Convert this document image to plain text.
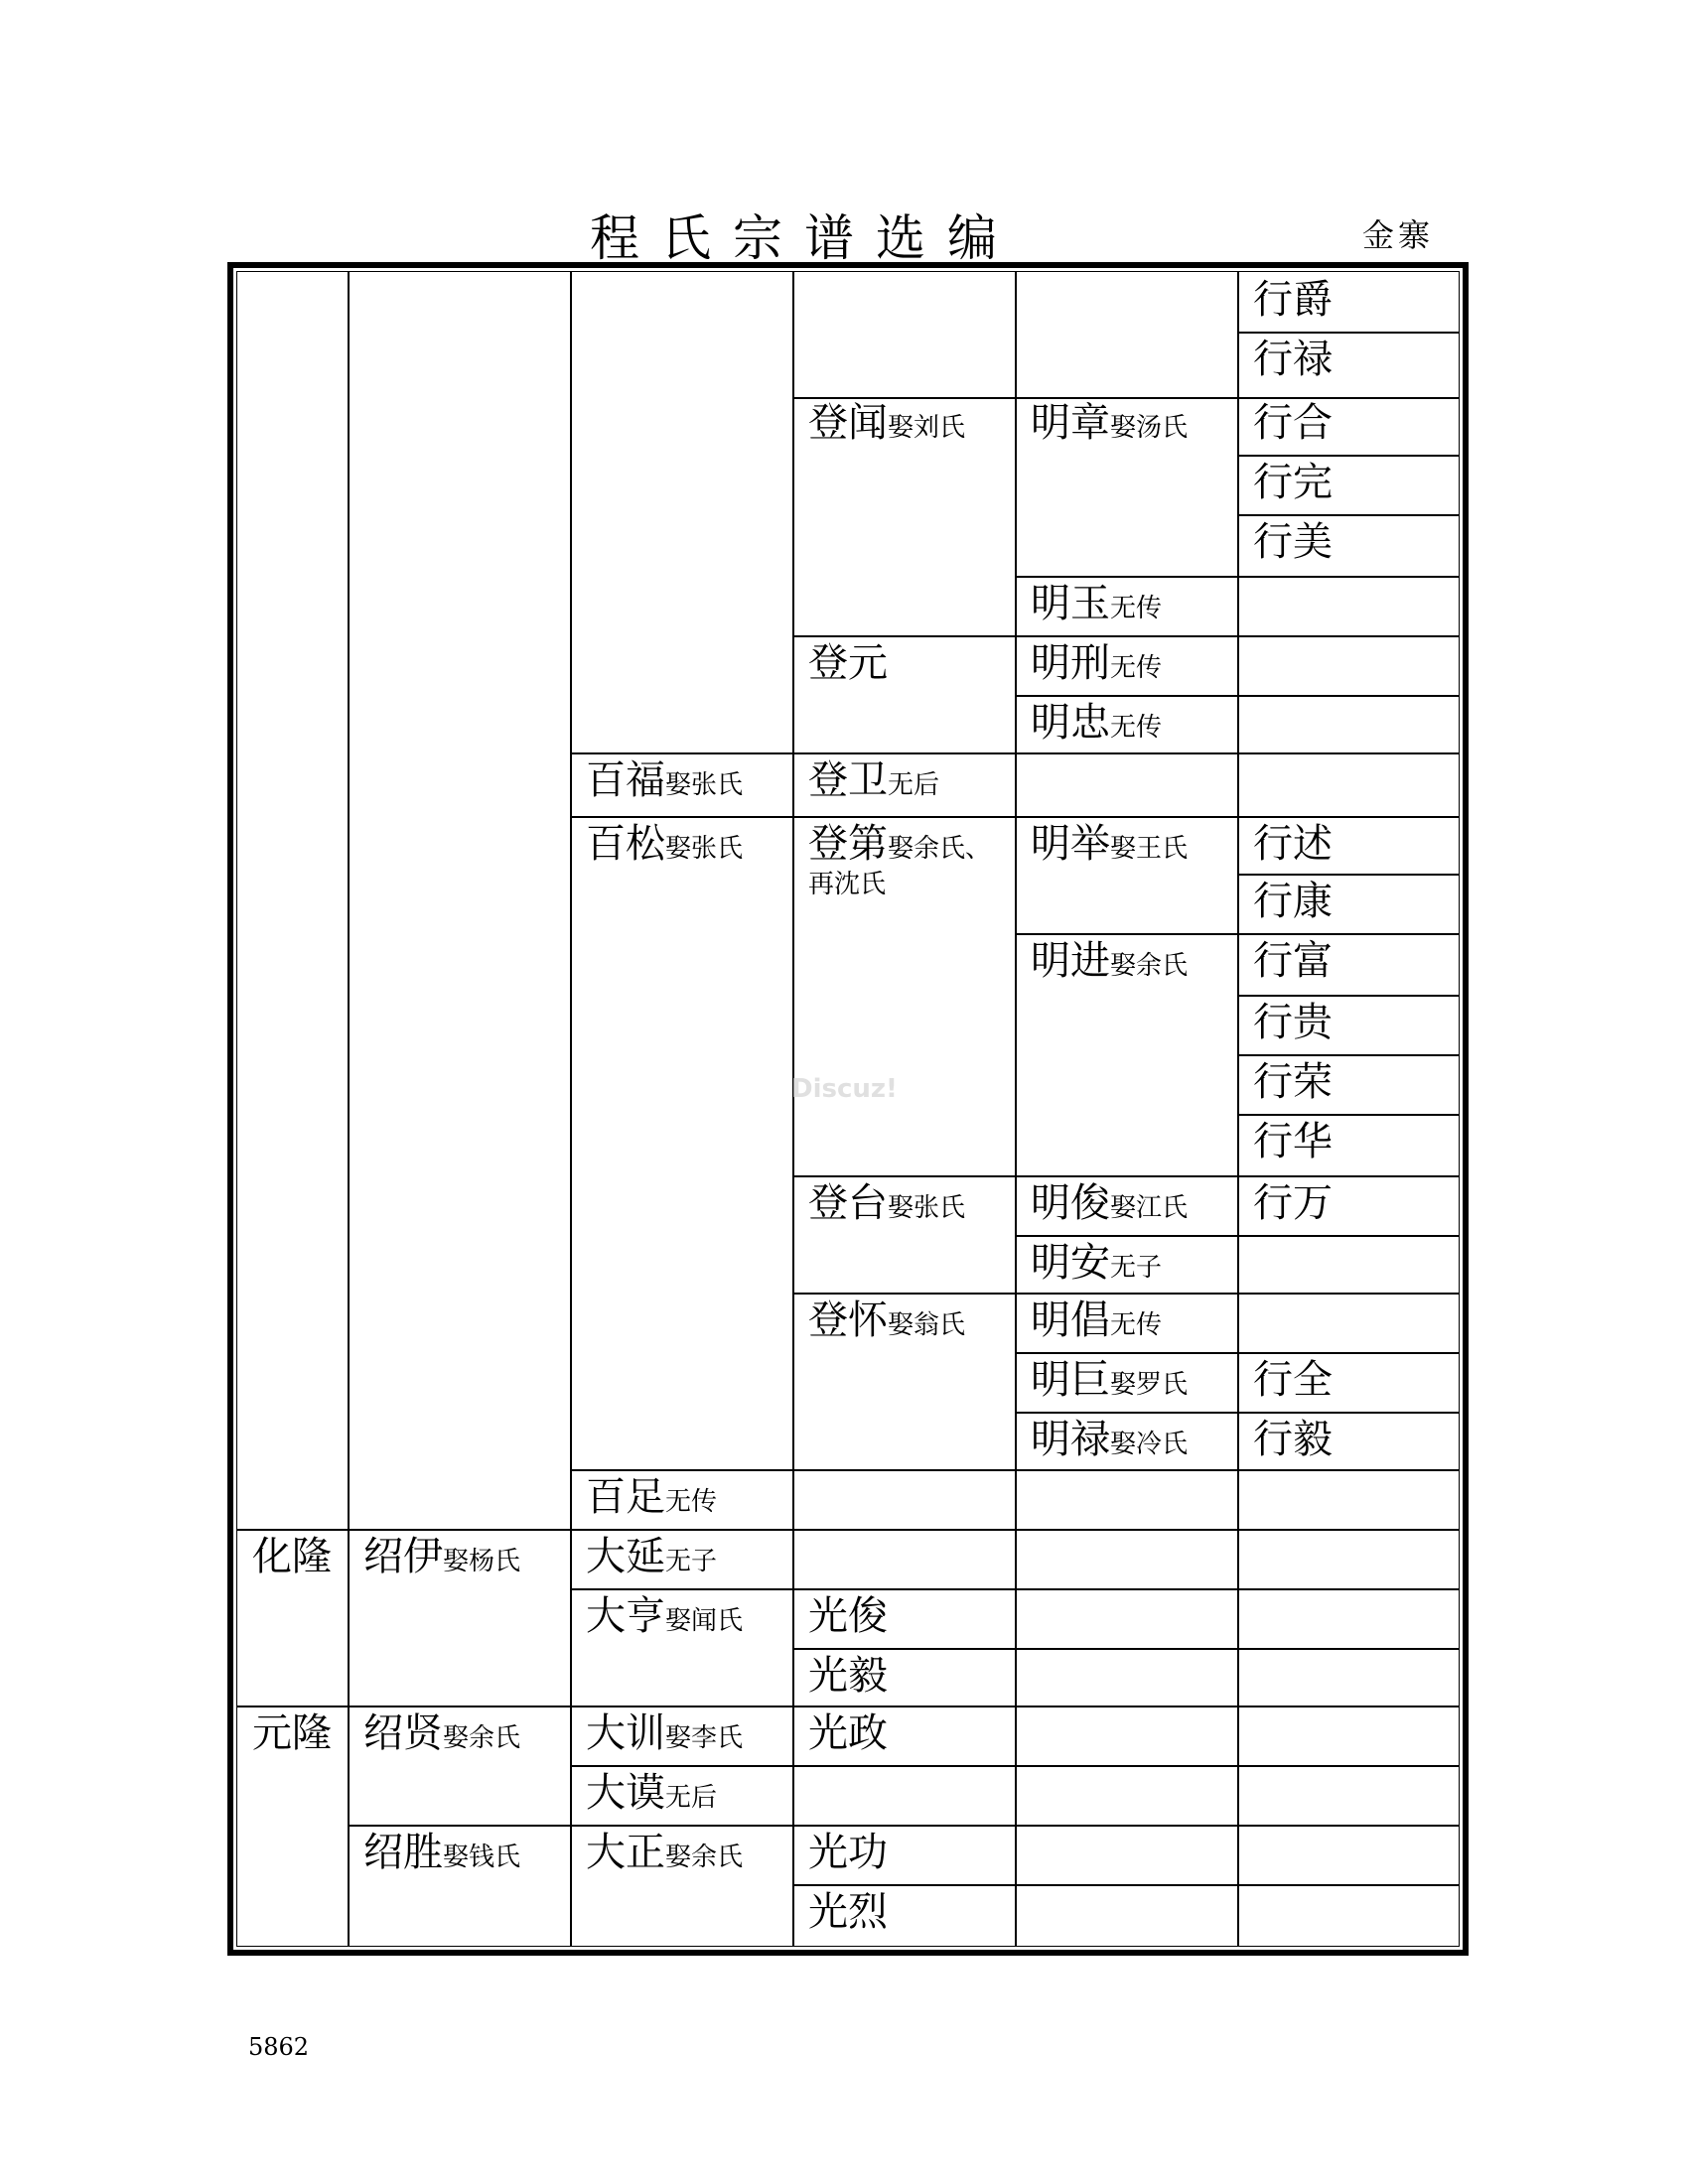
程氏宗谱选编	金寨
行爵
行禄
登闻娶刘氏 明章娶汤氏 行合
行完
行美
明玉无传
登元	明刑无传
明忠无传
百福娶张氏 登卫无后
百松娶张氏 登第娶余氏、
再沈氏
明举娶王氏 行述
行康
明进娶余氏 行富
行贵
行荣
行华
登台娶张氏 明俊娶江氏 行万
明安无子
登怀娶翁氏 明倡无传
明巨娶罗氏 行全
明禄娶冷氏 行毅
百足无传
化隆 绍伊娶杨氏 大延无子
大亨娶闻氏 光俊
光毅
元隆 绍贤娶余氏 大训娶李氏 光政
大谟无后
绍胜娶钱氏 大正娶余氏 光功
光烈
Discuz!
5862
